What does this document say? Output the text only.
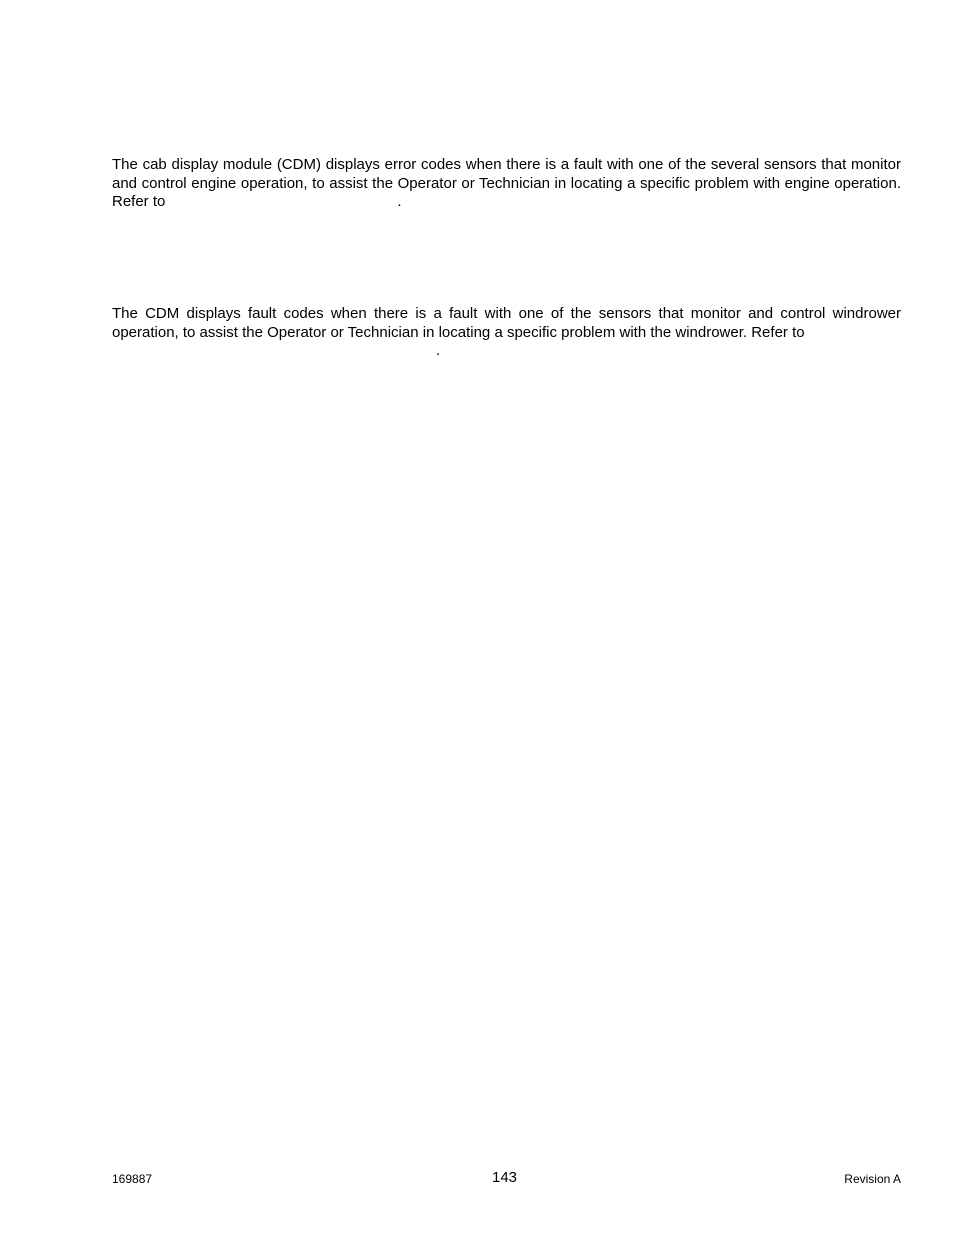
The cab display module (CDM) displays error codes when there is a fault with one of the several sensors that monitor and control engine operation, to assist the Operator or Technician in locating a specific problem with engine operation. Refer to	.

The CDM displays fault codes when there is a fault with one of the sensors that monitor and control windrower operation, to assist the Operator or Technician in locating a specific problem with the windrower. Refer to
.

169887	143	Revision A
